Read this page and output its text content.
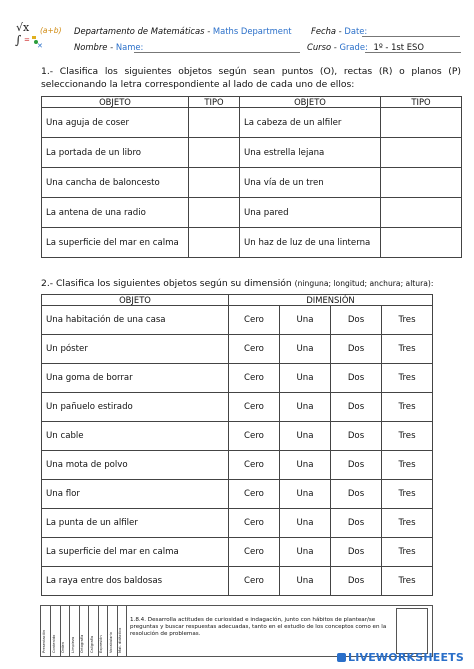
√x
∫ =
✕
(a+b) Departamento de Matemáticas - Maths Department Fecha - Date:
Nombre - Name:	Curso - Grade: 1º - 1st ESO
1.- Clasifica los siguientes objetos según sean puntos (O), rectas (R) o planos (P) seleccionando la letra correspondiente al lado de cada uno de ellos:
OBJETO	TIPO	OBJETO	TIPO
Una aguja de coser		La cabeza de un alfiler	
La portada de un libro		Una estrella lejana	
Una cancha de baloncesto		Una vía de un tren	
La antena de una radio		Una pared	
La superficie del mar en calma		Un haz de luz de una linterna	
2.- Clasifica los siguientes objetos según su dimensión (ninguna; longitud; anchura; altura):
OBJETO	DIMENSIÓN			
Una habitación de una casa	Cero	Una	Dos	Tres
Un póster	Cero	Una	Dos	Tres
Una goma de borrar	Cero	Una	Dos	Tres
Un pañuelo estirado	Cero	Una	Dos	Tres
Un cable	Cero	Una	Dos	Tres
Una mota de polvo	Cero	Una	Dos	Tres
Una flor	Cero	Una	Dos	Tres
La punta de un alfiler	Cero	Una	Dos	Tres
La superficie del mar en calma	Cero	Una	Dos	Tres
La raya entre dos baldosas	Cero	Una	Dos	Tres
Presentación Contenido Orden Limpieza Ortografía Caligrafía Expresión Vocabulario Mat. didáctico
1.8.4. Desarrolla actitudes de curiosidad e indagación, junto con hábitos de plantear/se preguntas y buscar respuestas adecuadas, tanto en el estudio de los conceptos como en la resolución de problemas.
LIVEWORKSHEETS
